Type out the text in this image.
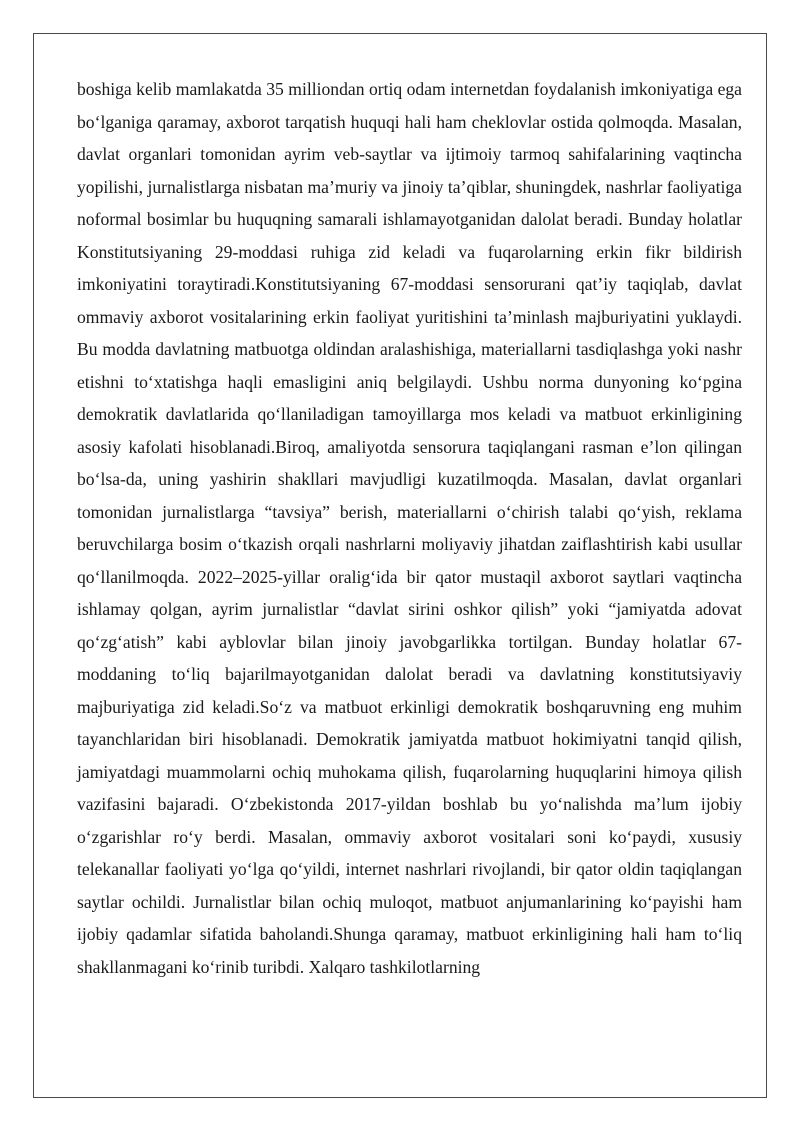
boshiga kelib mamlakatda 35 milliondan ortiq odam internetdan foydalanish imkoniyatiga ega bo‘lganiga qaramay, axborot tarqatish huquqi hali ham cheklovlar ostida qolmoqda. Masalan, davlat organlari tomonidan ayrim veb-saytlar va ijtimoiy tarmoq sahifalarining vaqtincha yopilishi, jurnalistlarga nisbatan ma’muriy va jinoiy ta’qiblar, shuningdek, nashrlar faoliyatiga noformal bosimlar bu huquqning samarali ishlamayotganidan dalolat beradi. Bunday holatlar Konstitutsiyaning 29-moddasi ruhiga zid keladi va fuqarolarning erkin fikr bildirish imkoniyatini toraytiradi.Konstitutsiyaning 67-moddasi sensorurani qat’iy taqiqlab, davlat ommaviy axborot vositalarining erkin faoliyat yuritishini ta’minlash majburiyatini yuklaydi. Bu modda davlatning matbuotga oldindan aralashishiga, materiallarni tasdiqlashga yoki nashr etishni to‘xtatishga haqli emasligini aniq belgilaydi. Ushbu norma dunyoning ko‘pgina demokratik davlatlarida qo‘llaniladigan tamoyillarga mos keladi va matbuot erkinligining asosiy kafolati hisoblanadi.Biroq, amaliyotda sensorura taqiqlangani rasman e’lon qilingan bo‘lsa-da, uning yashirin shakllari mavjudligi kuzatilmoqda. Masalan, davlat organlari tomonidan jurnalistlarga “tavsiya” berish, materiallarni o‘chirish talabi qo‘yish, reklama beruvchilarga bosim o‘tkazish orqali nashrlarni moliyaviy jihatdan zaiflashtirish kabi usullar qo‘llanilmoqda. 2022–2025-yillar oralig‘ida bir qator mustaqil axborot saytlari vaqtincha ishlamay qolgan, ayrim jurnalistlar “davlat sirini oshkor qilish” yoki “jamiyatda adovat qo‘zg‘atish” kabi ayblovlar bilan jinoiy javobgarlikka tortilgan. Bunday holatlar 67-moddaning to‘liq bajarilmayotganidan dalolat beradi va davlatning konstitutsiyaviy majburiyatiga zid keladi.So‘z va matbuot erkinligi demokratik boshqaruvning eng muhim tayanchlaridan biri hisoblanadi. Demokratik jamiyatda matbuot hokimiyatni tanqid qilish, jamiyatdagi muammolarni ochiq muhokama qilish, fuqarolarning huquqlarini himoya qilish vazifasini bajaradi. O‘zbekistonda 2017-yildan boshlab bu yo‘nalishda ma’lum ijobiy o‘zgarishlar ro‘y berdi. Masalan, ommaviy axborot vositalari soni ko‘paydi, xususiy telekanallar faoliyati yo‘lga qo‘yildi, internet nashrlari rivojlandi, bir qator oldin taqiqlangan saytlar ochildi. Jurnalistlar bilan ochiq muloqot, matbuot anjumanlarining ko‘payishi ham ijobiy qadamlar sifatida baholandi.Shunga qaramay, matbuot erkinligining hali ham to‘liq shakllanmagani ko‘rinib turibdi. Xalqaro tashkilotlarning
